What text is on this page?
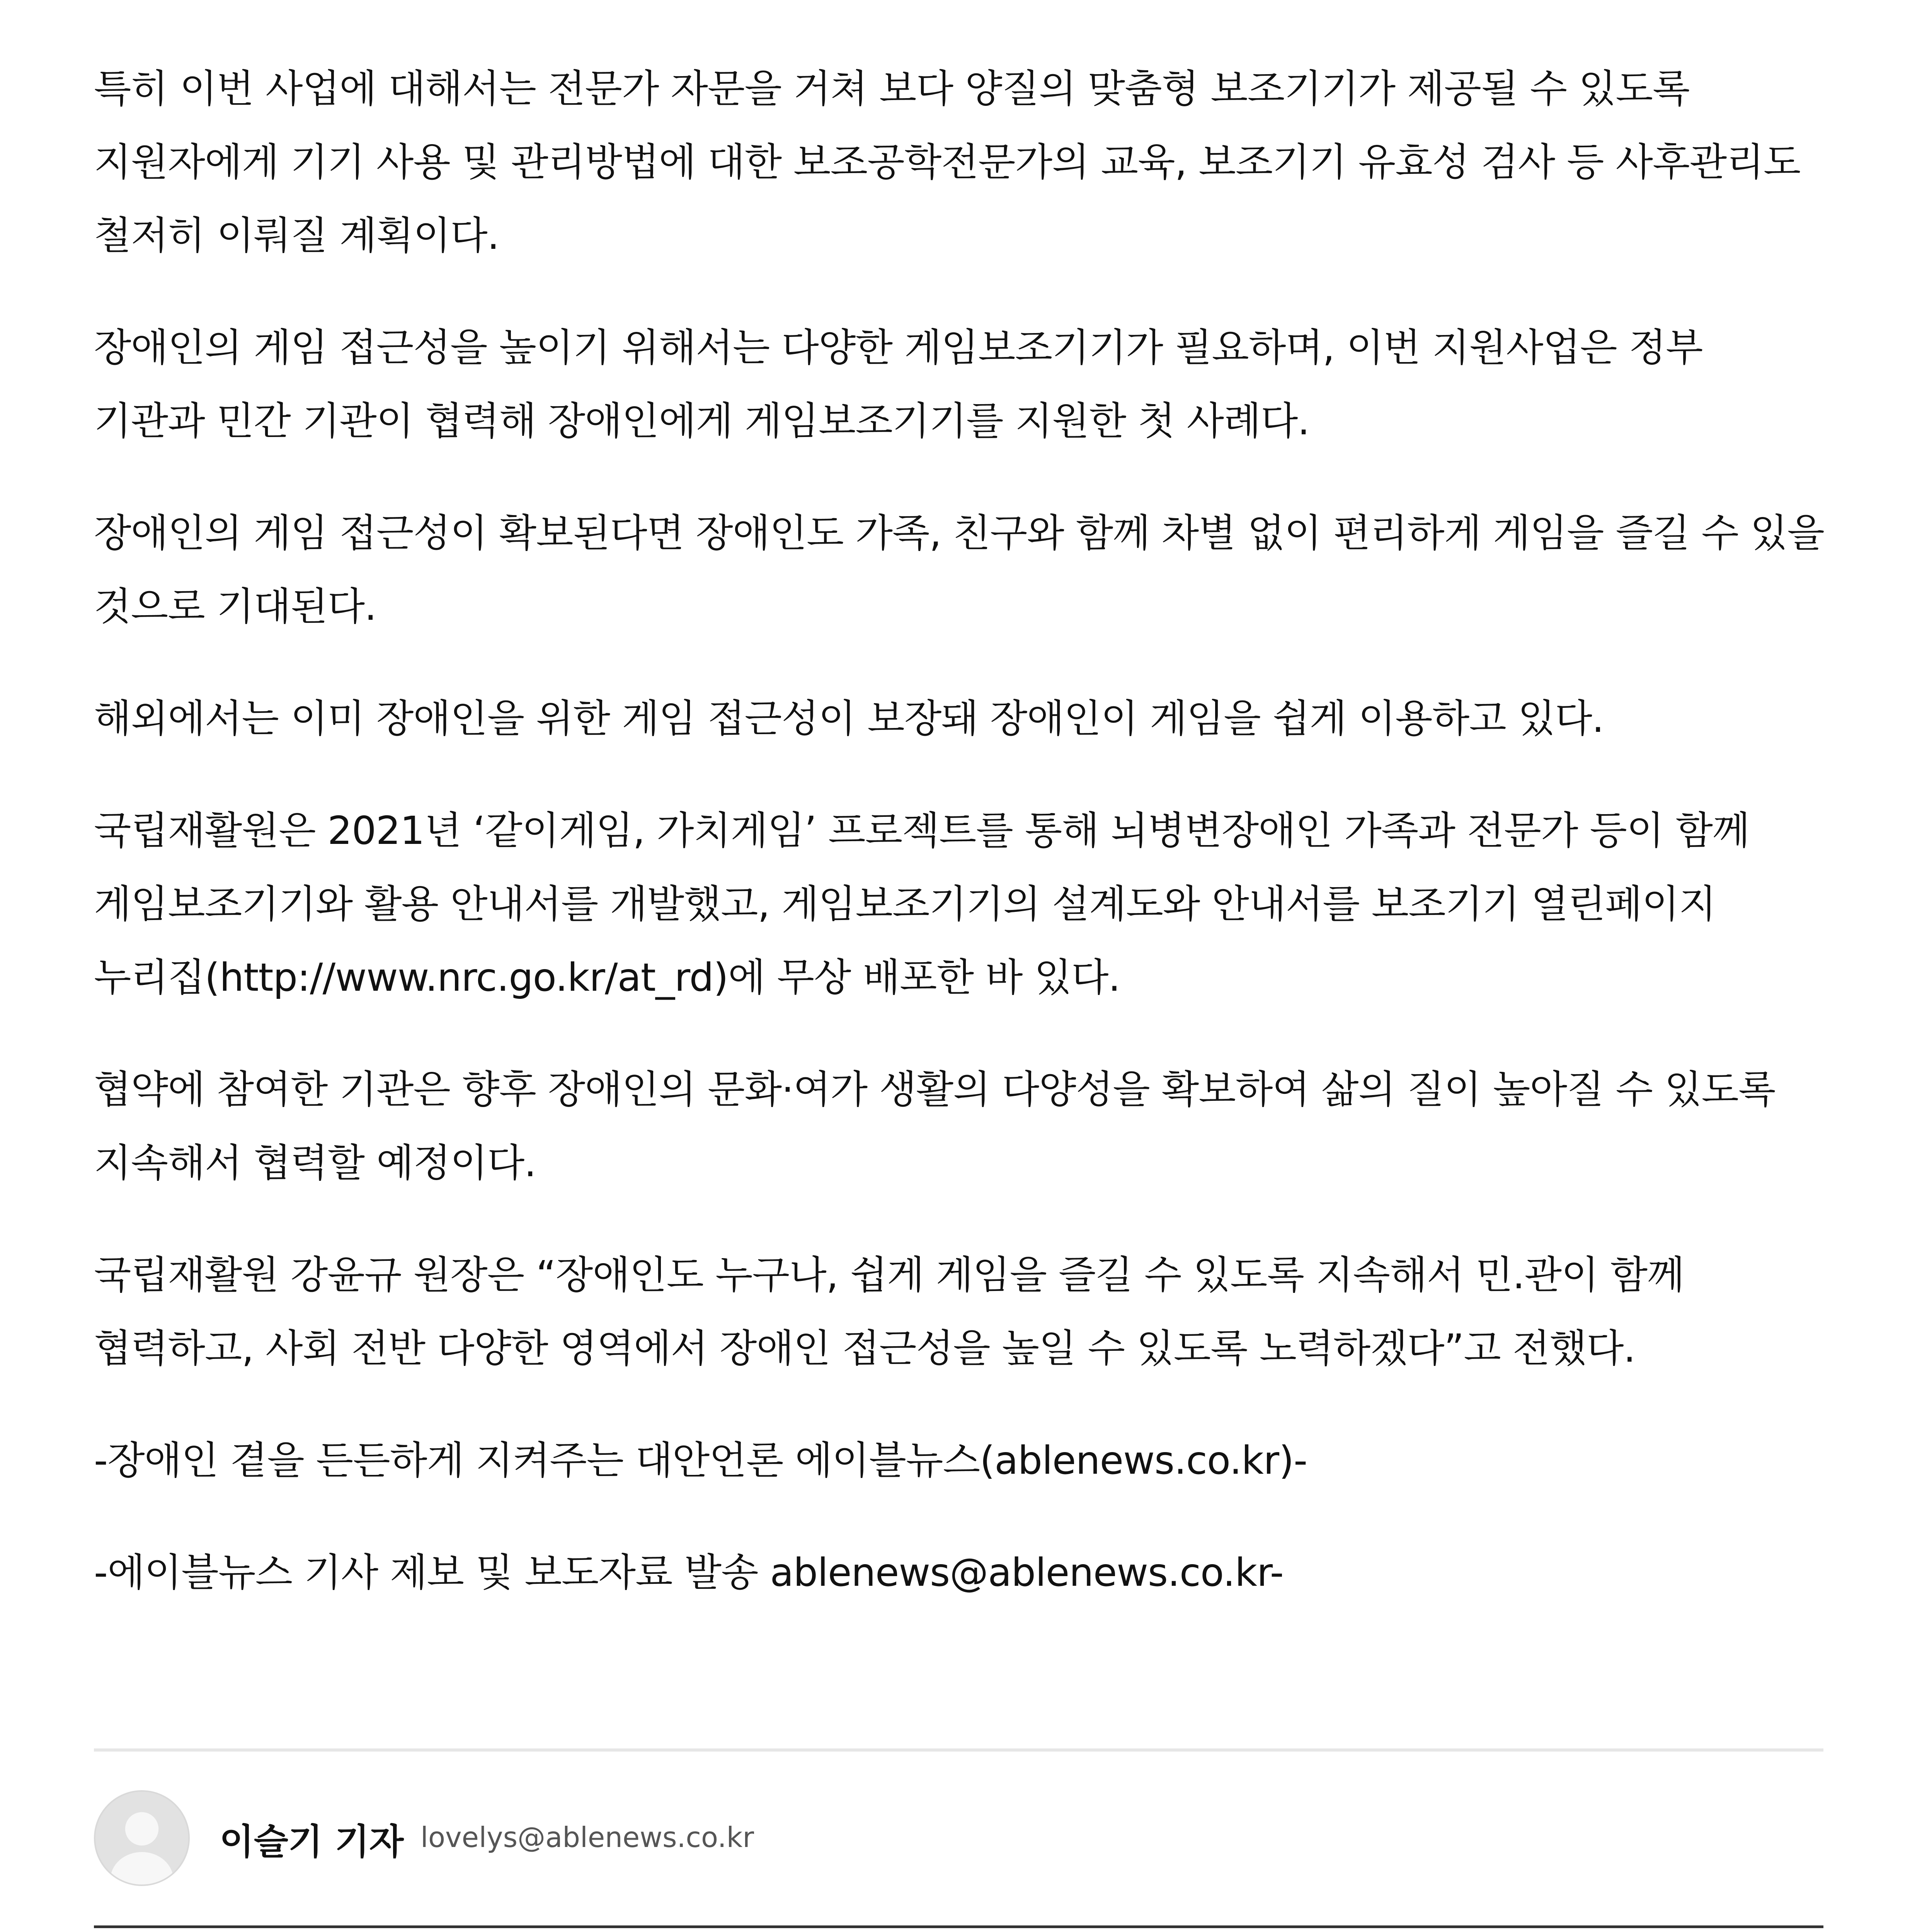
특히 이번 사업에 대해서는 전문가 자문을 거쳐 보다 양질의 맞춤형 보조기기가 제공될 수 있도록 지원자에게 기기 사용 및 관리방법에 대한 보조공학전문가의 교육, 보조기기 유효성 검사 등 사후관리도 철저히 이뤄질 계획이다.

장애인의 게임 접근성을 높이기 위해서는 다양한 게임보조기기가 필요하며, 이번 지원사업은 정부 기관과 민간 기관이 협력해 장애인에게 게임보조기기를 지원한 첫 사례다.

장애인의 게임 접근성이 확보된다면 장애인도 가족, 친구와 함께 차별 없이 편리하게 게임을 즐길 수 있을 것으로 기대된다.

해외에서는 이미 장애인을 위한 게임 접근성이 보장돼 장애인이 게임을 쉽게 이용하고 있다.

국립재활원은 2021년 ‘같이게임, 가치게임’ 프로젝트를 통해 뇌병변장애인 가족과 전문가 등이 함께 게임보조기기와 활용 안내서를 개발했고, 게임보조기기의 설계도와 안내서를 보조기기 열린페이지 누리집(http://www.nrc.go.kr/at_rd)에 무상 배포한 바 있다.

협약에 참여한 기관은 향후 장애인의 문화·여가 생활의 다양성을 확보하여 삶의 질이 높아질 수 있도록 지속해서 협력할 예정이다.

국립재활원 강윤규 원장은 “장애인도 누구나, 쉽게 게임을 즐길 수 있도록 지속해서 민.관이 함께 협력하고, 사회 전반 다양한 영역에서 장애인 접근성을 높일 수 있도록 노력하겠다”고 전했다.

-장애인 곁을 든든하게 지켜주는 대안언론 에이블뉴스(ablenews.co.kr)-

-에이블뉴스 기사 제보 및 보도자료 발송 ablenews@ablenews.co.kr-

이슬기 기자 lovelys@ablenews.co.kr
